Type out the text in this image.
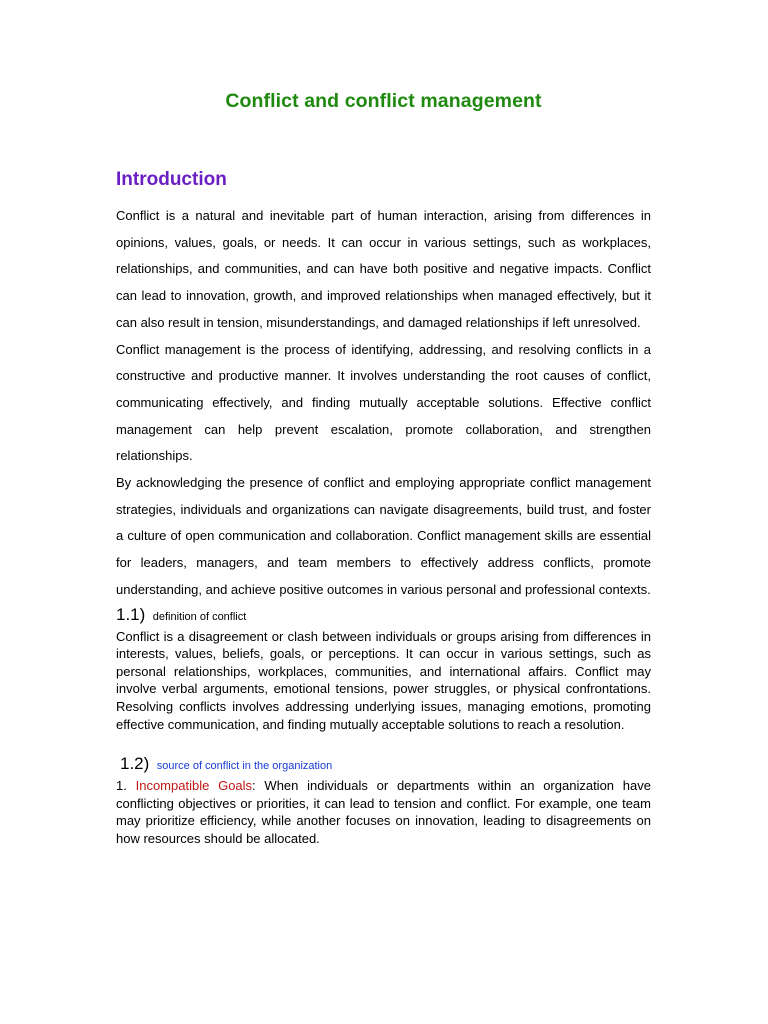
Conflict and conflict management
Introduction

Conflict is a natural and inevitable part of human interaction, arising from differences in opinions, values, goals, or needs. It can occur in various settings, such as workplaces, relationships, and communities, and can have both positive and negative impacts. Conflict can lead to innovation, growth, and improved relationships when managed effectively, but it can also result in tension, misunderstandings, and damaged relationships if left unresolved.

Conflict management is the process of identifying, addressing, and resolving conflicts in a constructive and productive manner. It involves understanding the root causes of conflict, communicating effectively, and finding mutually acceptable solutions. Effective conflict management can help prevent escalation, promote collaboration, and strengthen relationships.

By acknowledging the presence of conflict and employing appropriate conflict management strategies, individuals and organizations can navigate disagreements, build trust, and foster a culture of open communication and collaboration. Conflict management skills are essential for leaders, managers, and team members to effectively address conflicts, promote understanding, and achieve positive outcomes in various personal and professional contexts.

1.1) definition of conflict

Conflict is a disagreement or clash between individuals or groups arising from differences in interests, values, beliefs, goals, or perceptions. It can occur in various settings, such as personal relationships, workplaces, communities, and international affairs. Conflict may involve verbal arguments, emotional tensions, power struggles, or physical confrontations. Resolving conflicts involves addressing underlying issues, managing emotions, promoting effective communication, and finding mutually acceptable solutions to reach a resolution.

1.2) source of conflict in the organization

1. Incompatible Goals: When individuals or departments within an organization have conflicting objectives or priorities, it can lead to tension and conflict. For example, one team may prioritize efficiency, while another focuses on innovation, leading to disagreements on how resources should be allocated.
